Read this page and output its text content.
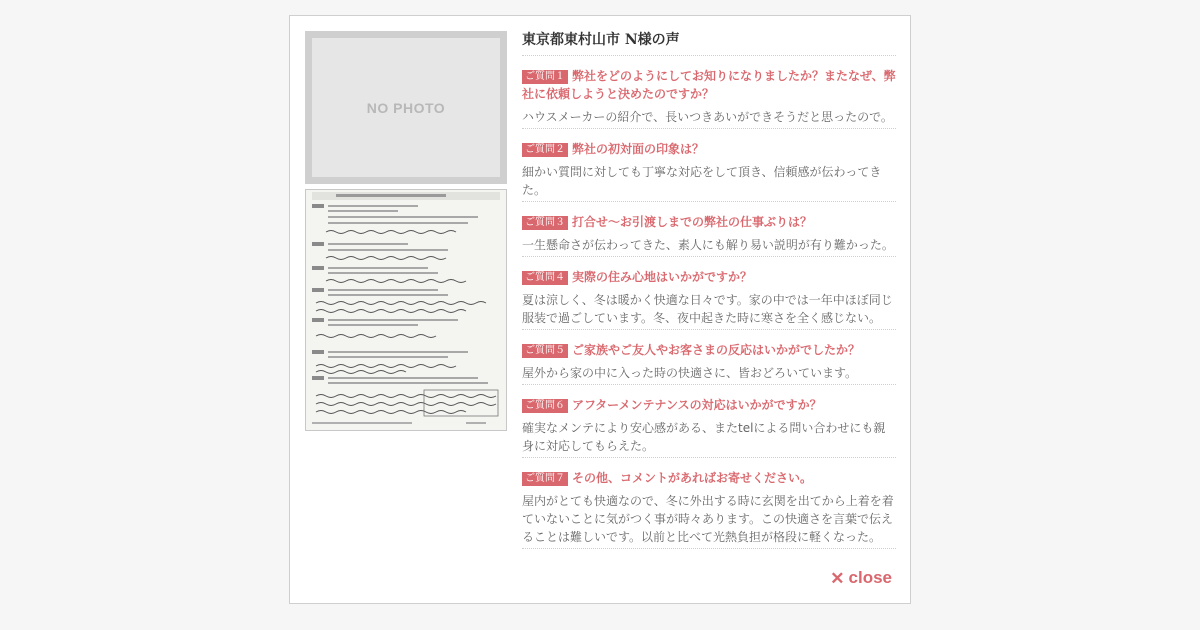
NO PHOTO
東京都東村山市 N様の声

ご質問１ 弊社をどのようにしてお知りになりましたか？またなぜ、弊社に依頼しようと決めたのですか？

ハウスメーカーの紹介で、長いつきあいができそうだと思ったので。

ご質問２ 弊社の初対面の印象は？

細かい質問に対しても丁寧な対応をして頂き、信頼感が伝わってきた。

ご質問３ 打合せ～お引渡しまでの弊社の仕事ぶりは？

一生懸命さが伝わってきた、素人にも解り易い説明が有り難かった。

ご質問４ 実際の住み心地はいかがですか？

夏は涼しく、冬は暖かく快適な日々です。家の中では一年中ほぼ同じ服装で過ごしています。冬、夜中起きた時に寒さを全く感じない。

ご質問５ ご家族やご友人やお客さまの反応はいかがでしたか？

屋外から家の中に入った時の快適さに、皆おどろいています。

ご質問６ アフターメンテナンスの対応はいかがですか？

確実なメンテにより安心感がある、またtelによる問い合わせにも親身に対応してもらえた。

ご質問７ その他、コメントがあればお寄せください。

屋内がとても快適なので、冬に外出する時に玄関を出てから上着を着ていないことに気がつく事が時々あります。この快適さを言葉で伝えることは難しいです。以前と比べて光熱負担が格段に軽くなった。

✕ close
